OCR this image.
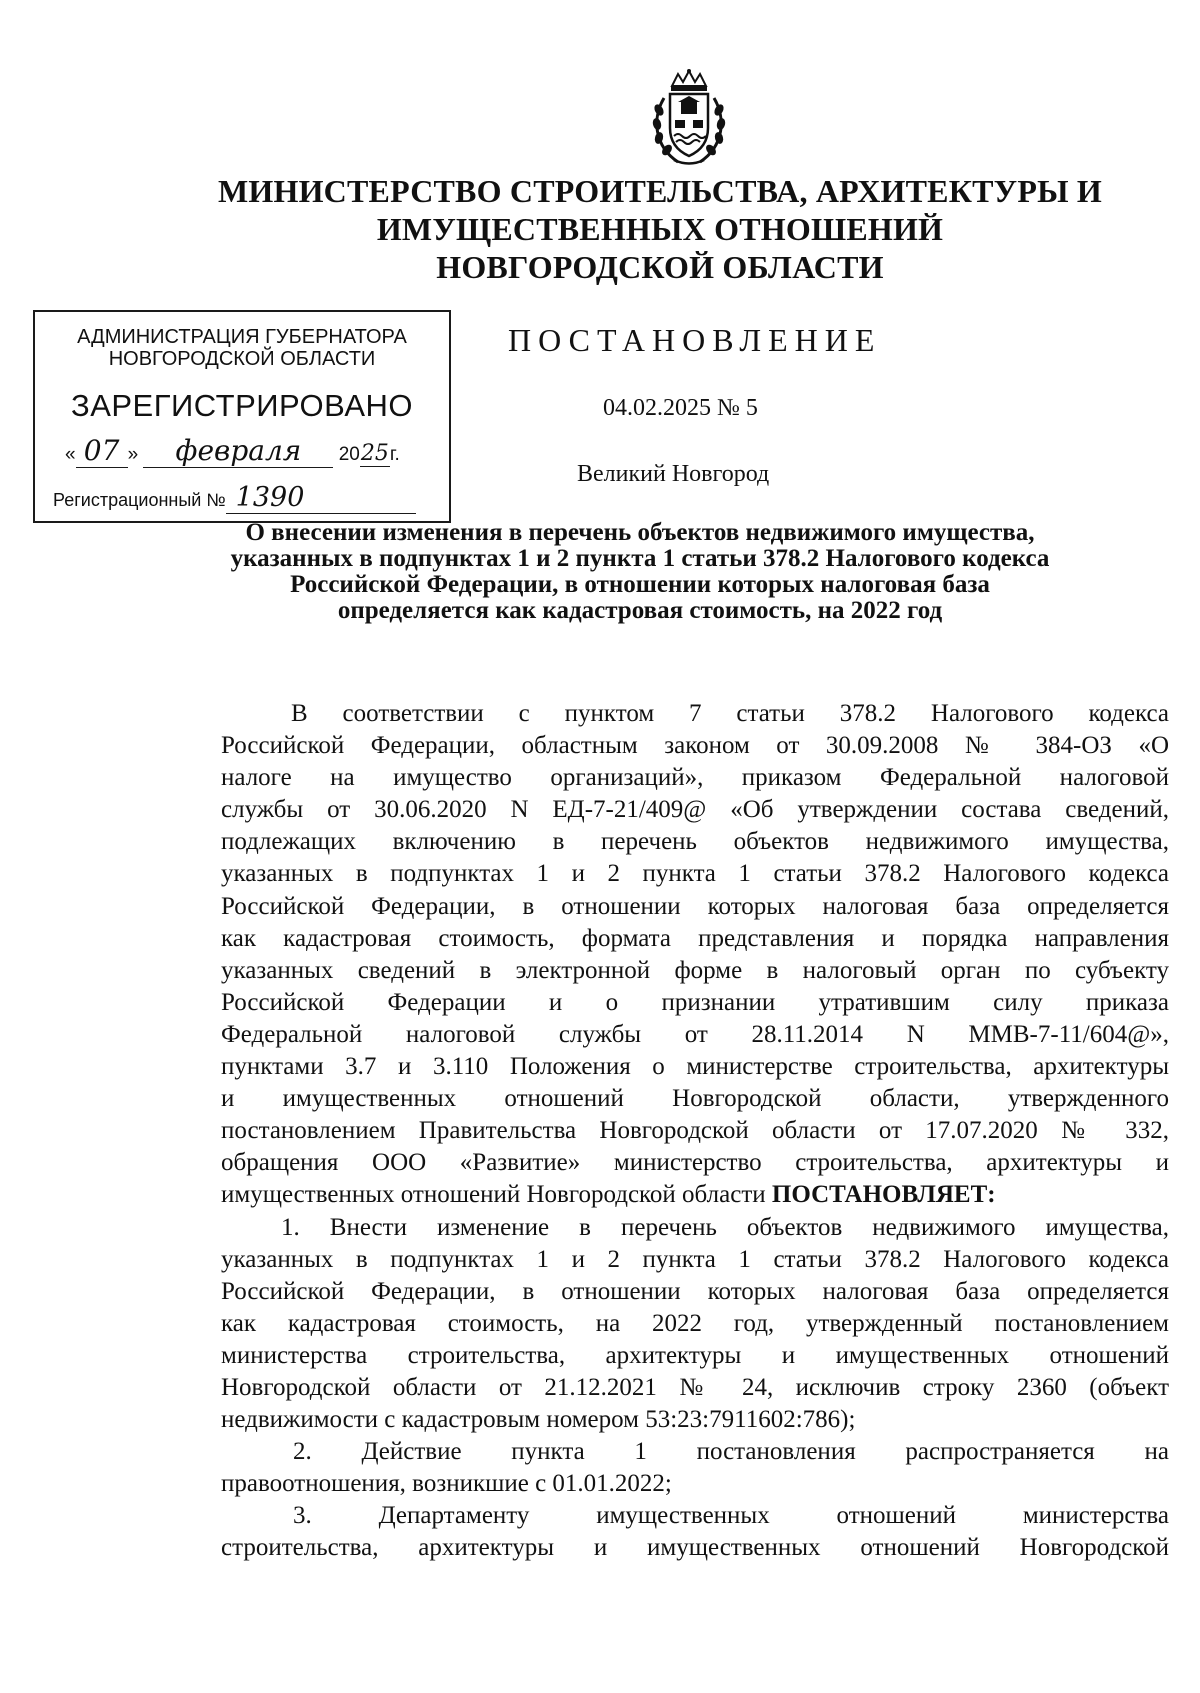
МИНИСТЕРСТВО СТРОИТЕЛЬСТВА, АРХИТЕКТУРЫ И
ИМУЩЕСТВЕННЫХ ОТНОШЕНИЙ
НОВГОРОДСКОЙ ОБЛАСТИ
АДМИНИСТРАЦИЯ ГУБЕРНАТОРА
НОВГОРОДСКОЙ ОБЛАСТИ
ЗАРЕГИСТРИРОВАНО
« 07 » февраля 2025г.
Регистрационный № 1390
ПОСТАНОВЛЕНИЕ
04.02.2025 № 5
Великий Новгород
О внесении изменения в перечень объектов недвижимого имущества,
указанных в подпунктах 1 и 2 пункта 1 статьи 378.2 Налогового кодекса
Российской Федерации, в отношении которых налоговая база
определяется как кадастровая стоимость, на 2022 год
В соответствии с пунктом 7 статьи 378.2 Налогового кодекса
Российской Федерации, областным законом от 30.09.2008 № 384-ОЗ «О
налоге на имущество организаций», приказом Федеральной налоговой
службы от 30.06.2020 N ЕД-7-21/409@ «Об утверждении состава сведений,
подлежащих включению в перечень объектов недвижимого имущества,
указанных в подпунктах 1 и 2 пункта 1 статьи 378.2 Налогового кодекса
Российской Федерации, в отношении которых налоговая база определяется
как кадастровая стоимость, формата представления и порядка направления
указанных сведений в электронной форме в налоговый орган по субъекту
Российской Федерации и о признании утратившим силу приказа
Федеральной налоговой службы от 28.11.2014 N ММВ-7-11/604@»,
пунктами 3.7 и 3.110 Положения о министерстве строительства, архитектуры
и имущественных отношений Новгородской области, утвержденного
постановлением Правительства Новгородской области от 17.07.2020 № 332,
обращения ООО «Развитие» министерство строительства, архитектуры и
имущественных отношений Новгородской области ПОСТАНОВЛЯЕТ:
1. Внести изменение в перечень объектов недвижимого имущества,
указанных в подпунктах 1 и 2 пункта 1 статьи 378.2 Налогового кодекса
Российской Федерации, в отношении которых налоговая база определяется
как кадастровая стоимость, на 2022 год, утвержденный постановлением
министерства строительства, архитектуры и имущественных отношений
Новгородской области от 21.12.2021 № 24, исключив строку 2360 (объект
недвижимости с кадастровым номером 53:23:7911602:786);
2. Действие пункта 1 постановления распространяется на
правоотношения, возникшие с 01.01.2022;
3. Департаменту имущественных отношений министерства
строительства, архитектуры и имущественных отношений Новгородской
